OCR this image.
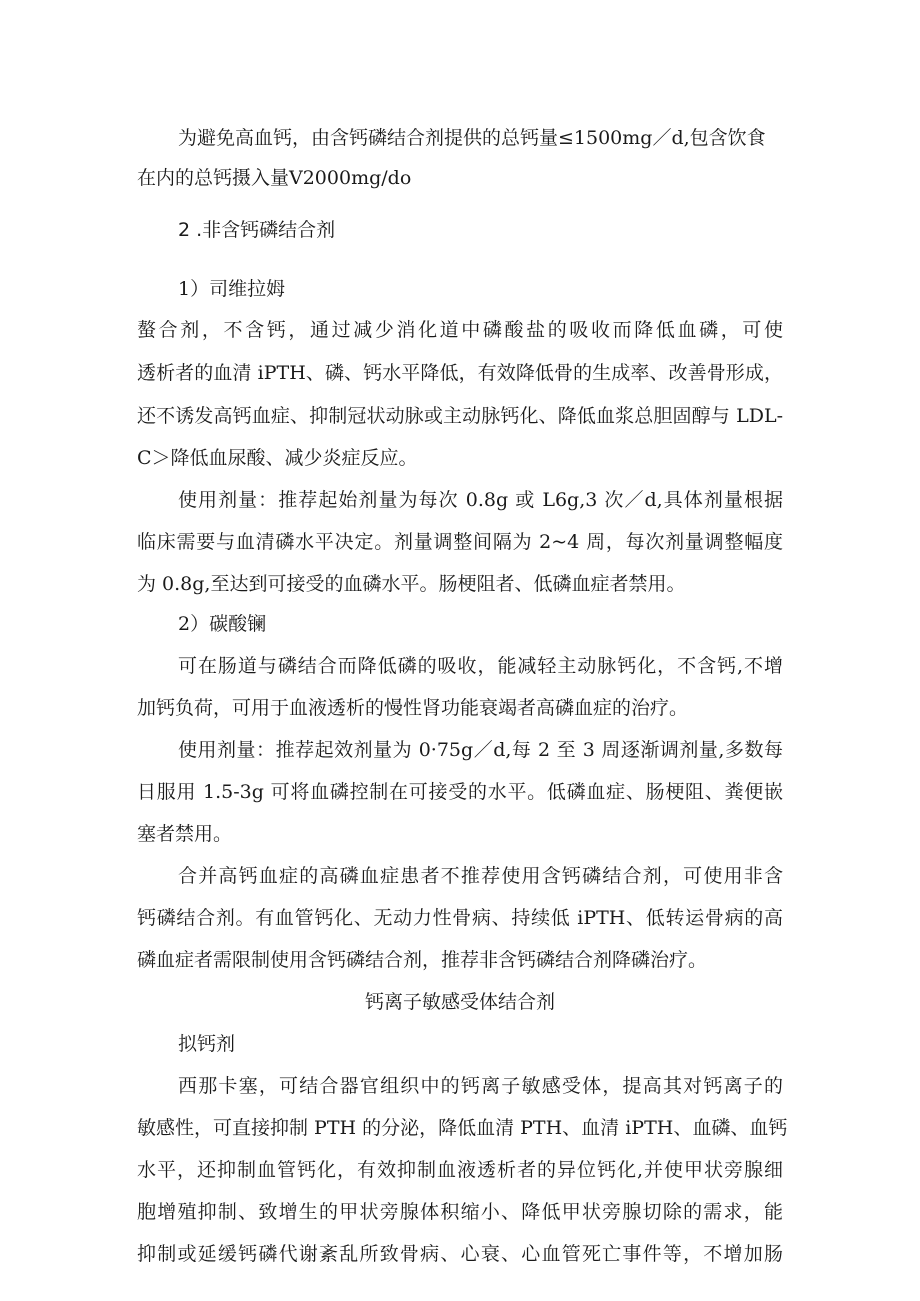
为避免高血钙，由含钙磷结合剂提供的总钙量≤1500mg／d,包含饮食
在内的总钙摄入量V2000mg/do
2 .非含钙磷结合剂
1）司维拉姆
螯合剂，不含钙，通过减少消化道中磷酸盐的吸收而降低血磷，可使
透析者的血清 iPTH、磷、钙水平降低，有效降低骨的生成率、改善骨形成，
还不诱发高钙血症、抑制冠状动脉或主动脉钙化、降低血浆总胆固醇与 LDL-
C＞降低血尿酸、减少炎症反应。
使用剂量：推荐起始剂量为每次 0.8g 或 L6g,3 次／d,具体剂量根据
临床需要与血清磷水平决定。剂量调整间隔为 2~4 周，每次剂量调整幅度
为 0.8g,至达到可接受的血磷水平。肠梗阻者、低磷血症者禁用。
2）碳酸镧
可在肠道与磷结合而降低磷的吸收，能减轻主动脉钙化，不含钙,不增
加钙负荷，可用于血液透析的慢性肾功能衰竭者高磷血症的治疗。
使用剂量：推荐起效剂量为 0·75g／d,每 2 至 3 周逐渐调剂量,多数每
日服用 1.5-3g 可将血磷控制在可接受的水平。低磷血症、肠梗阻、粪便嵌
塞者禁用。
合并高钙血症的高磷血症患者不推荐使用含钙磷结合剂，可使用非含
钙磷结合剂。有血管钙化、无动力性骨病、持续低 iPTH、低转运骨病的高
磷血症者需限制使用含钙磷结合剂，推荐非含钙磷结合剂降磷治疗。
钙离子敏感受体结合剂
拟钙剂
西那卡塞，可结合器官组织中的钙离子敏感受体，提高其对钙离子的
敏感性，可直接抑制 PTH 的分泌，降低血清 PTH、血清 iPTH、血磷、血钙
水平，还抑制血管钙化，有效抑制血液透析者的异位钙化,并使甲状旁腺细
胞增殖抑制、致增生的甲状旁腺体积缩小、降低甲状旁腺切除的需求，能
抑制或延缓钙磷代谢紊乱所致骨病、心衰、心血管死亡事件等，不增加肠
